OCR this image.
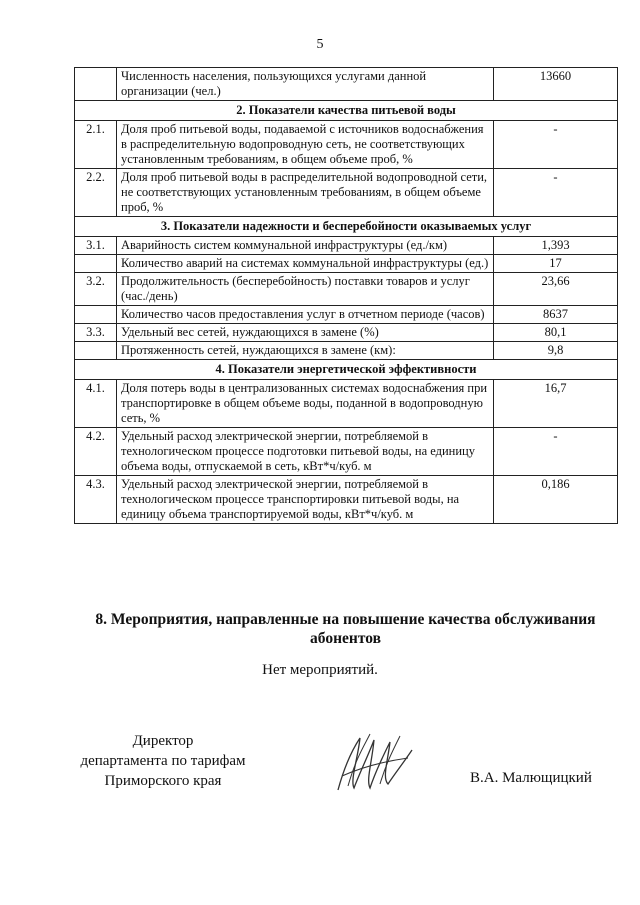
5
	Численность населения, пользующихся услугами данной организации (чел.)	13660
2. Показатели качества питьевой воды		
2.1.	Доля проб питьевой воды, подаваемой с источников водоснабжения в распределительную водопроводную сеть, не соответствующих установленным требованиям, в общем объеме проб, %	-
2.2.	Доля проб питьевой воды в распределительной водопроводной сети, не соответствующих установленным требованиям, в общем объеме проб, %	-
3. Показатели надежности и бесперебойности оказываемых услуг		
3.1.	Аварийность систем коммунальной инфраструктуры (ед./км)	1,393
	Количество аварий на системах коммунальной инфраструктуры (ед.)	17
3.2.	Продолжительность (бесперебойность) поставки товаров и услуг (час./день)	23,66
	Количество часов предоставления услуг в отчетном периоде (часов)	8637
3.3.	Удельный вес сетей, нуждающихся в замене (%)	80,1
	Протяженность сетей, нуждающихся в замене (км):	9,8
4. Показатели энергетической эффективности		
4.1.	Доля потерь воды в централизованных системах водоснабжения при транспортировке в общем объеме воды, поданной в водопроводную сеть, %	16,7
4.2.	Удельный расход электрической энергии, потребляемой в технологическом процессе подготовки питьевой воды, на единицу объема воды, отпускаемой в сеть, кВт*ч/куб. м	-
4.3.	Удельный расход электрической энергии, потребляемой в технологическом процессе транспортировки питьевой воды, на единицу объема транспортируемой воды, кВт*ч/куб. м	0,186
8. Мероприятия, направленные на повышение качества обслуживания абонентов
Нет мероприятий.
Директор
департамента по тарифам
Приморского края	В.А. Малющицкий
